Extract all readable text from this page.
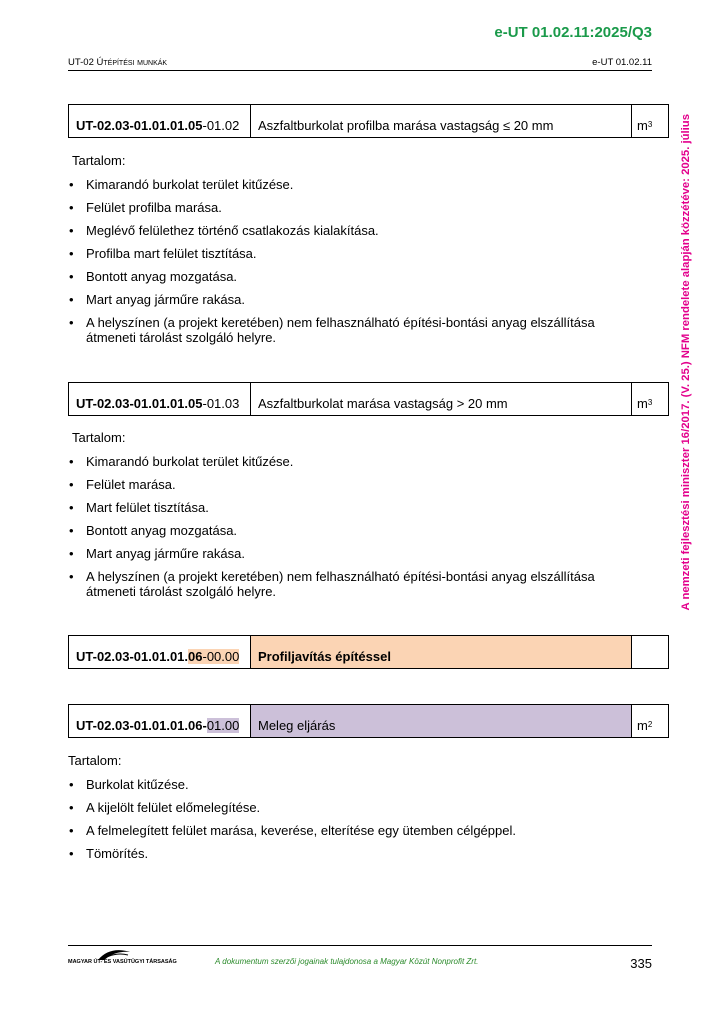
e-UT 01.02.11:2025/Q3
UT-02 Útépítési munkák	e-UT 01.02.11
A nemzeti fejlesztési miniszter 16/2017. (V. 25.) NFM rendelete alapján közzétéve: 2025. július
UT-02.03-01.01.01.05 -01.02	Aszfaltburkolat profilba marása vastagság ≤ 20 mm	m 3
Tartalom:
• Kimarandó burkolat terület kitűzése.
• Felület profilba marása.
• Meglévő felülethez történő csatlakozás kialakítása.
• Profilba mart felület tisztítása.
• Bontott anyag mozgatása.
• Mart anyag járműre rakása.
• A helyszínen (a projekt keretében) nem felhasználható építési-bontási anyag elszállítása átmeneti tárolást szolgáló helyre.
UT-02.03-01.01.01.05 -01.03	Aszfaltburkolat marása vastagság > 20 mm	m 3
Tartalom:
• Kimarandó burkolat terület kitűzése.
• Felület marása.
• Mart felület tisztítása.
• Bontott anyag mozgatása.
• Mart anyag járműre rakása.
• A helyszínen (a projekt keretében) nem felhasználható építési-bontási anyag elszállítása átmeneti tárolást szolgáló helyre.
UT-02.03-01.01.01. 06 -00.00	Profiljavítás építéssel
UT-02.03-01.01.01.06- 01.00	Meleg eljárás	m 2
Tartalom:
• Burkolat kitűzése.
• A kijelölt felület előmelegítése.
• A felmelegített felület marása, keverése, elterítése egy ütemben célgéppel.
• Tömörítés.
MAGYAR ÚT- ÉS VASÚTÜGYI TÁRSASÁG	A dokumentum szerzői jogainak tulajdonosa a Magyar Közút Nonprofit Zrt.	335
